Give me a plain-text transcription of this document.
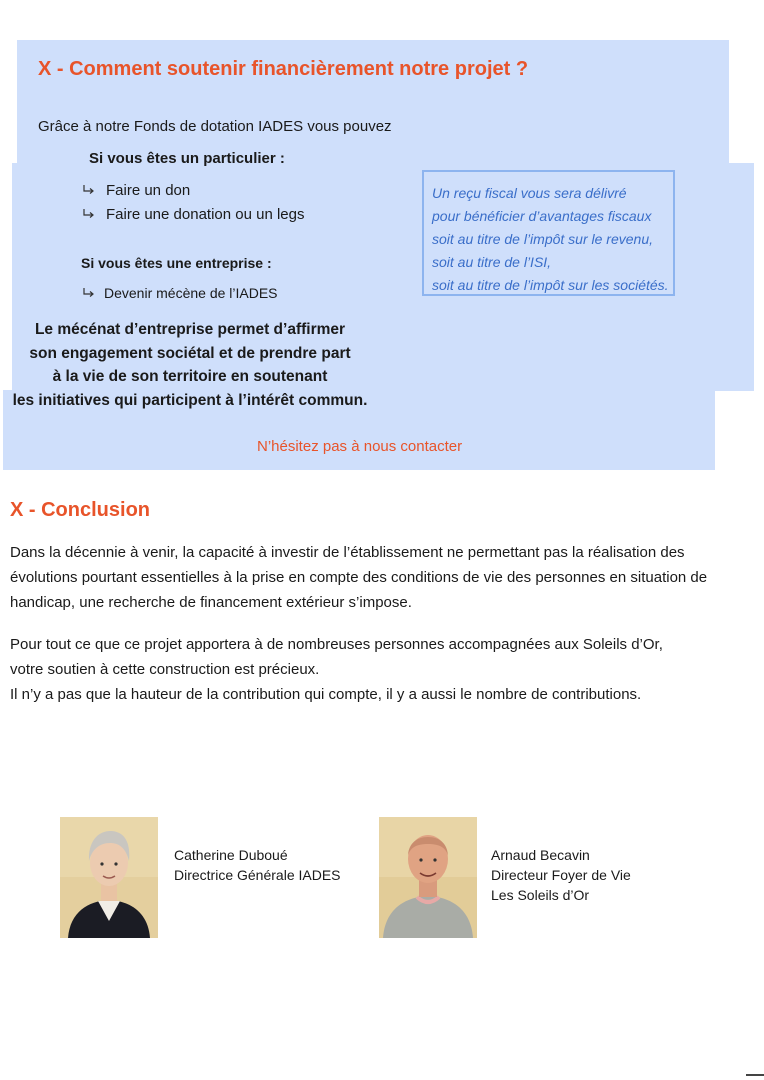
X - Comment soutenir financièrement notre projet ?
Grâce à notre Fonds de dotation IADES vous pouvez
Si vous êtes un particulier :
Faire un don
Faire une donation ou un legs
Si vous êtes une entreprise :
Devenir mécène de l’IADES
Un reçu fiscal vous sera délivré
pour bénéficier d’avantages fiscaux
soit au titre de l’impôt sur le revenu,
soit au titre de l’ISI,
soit au titre de l’impôt sur les sociétés.
Le mécénat d’entreprise permet d’affirmer
son engagement sociétal et de prendre part
à la vie de son territoire en soutenant
les initiatives qui participent à l’intérêt commun.
N’hésitez pas à nous contacter
X - Conclusion
Dans la décennie à venir, la capacité à investir de l’établissement ne permettant pas la réalisation des
évolutions pourtant essentielles à la prise en compte des conditions de vie des personnes en situation de
handicap, une recherche de financement extérieur s’impose.
Pour tout ce que ce projet apportera à de nombreuses personnes accompagnées aux Soleils d’Or,
votre soutien à cette construction est précieux.
Il n’y a pas que la hauteur de la contribution qui compte, il y a aussi le nombre de contributions.
Catherine Duboué
Directrice Générale IADES
Arnaud Becavin
Directeur Foyer de Vie
Les Soleils d’Or
